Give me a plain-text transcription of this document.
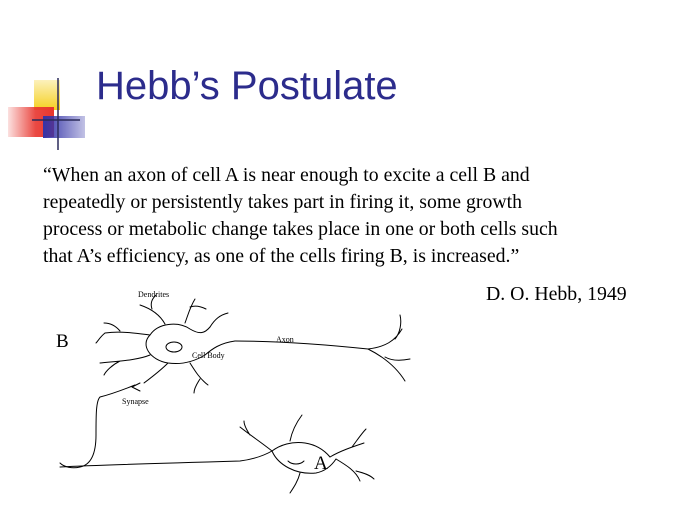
Hebb’s Postulate

“When an axon of cell A is near enough to excite a cell B and
repeatedly or persistently takes part in firing it, some growth
process or metabolic change takes place in one or both cells such
that A’s efficiency, as one of the cells firing B, is increased.”

D. O. Hebb, 1949
B
A
Dendrites
Axon
Cell Body
Synapse
